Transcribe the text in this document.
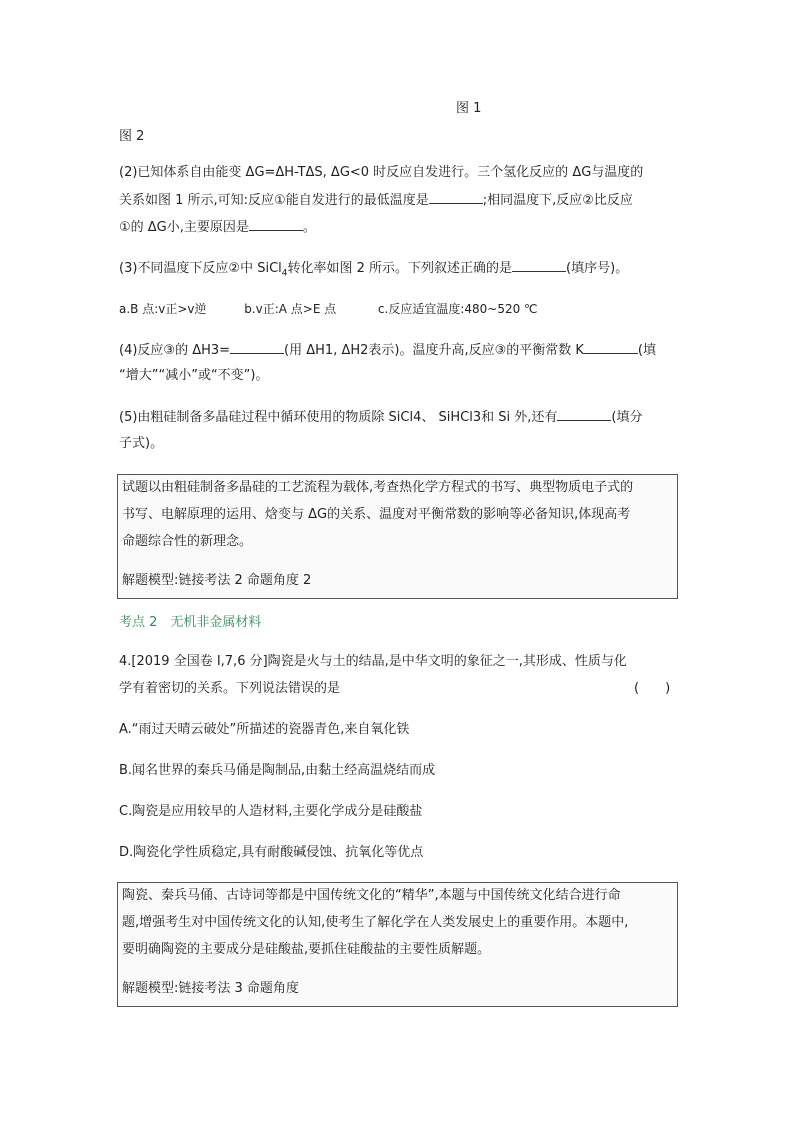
图 1
图 2
(2)已知体系自由能变 ΔG=ΔH-TΔS, ΔG<0 时反应自发进行。三个氢化反应的 ΔG与温度的
关系如图 1 所示,可知:反应①能自发进行的最低温度是	;相同温度下,反应②比反应
①的 ΔG小,主要原因是	。
(3)不同温度下反应②中 SiCl$_4$转化率如图 2 所示。下列叙述正确的是	(填序号)。
a.B 点:v正>v逆	b.v正:A 点>E 点	c.反应适宜温度:480~520 ℃
(4)反应③的 ΔH3=	(用 ΔH1, ΔH2表示)。温度升高,反应③的平衡常数 K	(填
“增大”“减小”或“不变”)。
(5)由粗硅制备多晶硅过程中循环使用的物质除 SiCl4、 SiHCl3和 Si 外,还有	(填分
子式)。
试题以由粗硅制备多晶硅的工艺流程为载体,考查热化学方程式的书写、典型物质电子式的
书写、电解原理的运用、焓变与 ΔG的关系、温度对平衡常数的影响等必备知识,体现高考
命题综合性的新理念。
解题模型:链接考法 2 命题角度 2
考点 2　无机非金属材料
4.[2019 全国卷 Ⅰ,7,6 分]陶瓷是火与土的结晶,是中华文明的象征之一,其形成、性质与化
学有着密切的关系。下列说法错误的是	(　　)
A.“雨过天晴云破处”所描述的瓷器青色,来自氧化铁
B.闻名世界的秦兵马俑是陶制品,由黏土经高温烧结而成
C.陶瓷是应用较早的人造材料,主要化学成分是硅酸盐
D.陶瓷化学性质稳定,具有耐酸碱侵蚀、抗氧化等优点
陶瓷、秦兵马俑、古诗词等都是中国传统文化的“精华”,本题与中国传统文化结合进行命
题,增强考生对中国传统文化的认知,使考生了解化学在人类发展史上的重要作用。本题中,
要明确陶瓷的主要成分是硅酸盐,要抓住硅酸盐的主要性质解题。
解题模型:链接考法 3 命题角度
